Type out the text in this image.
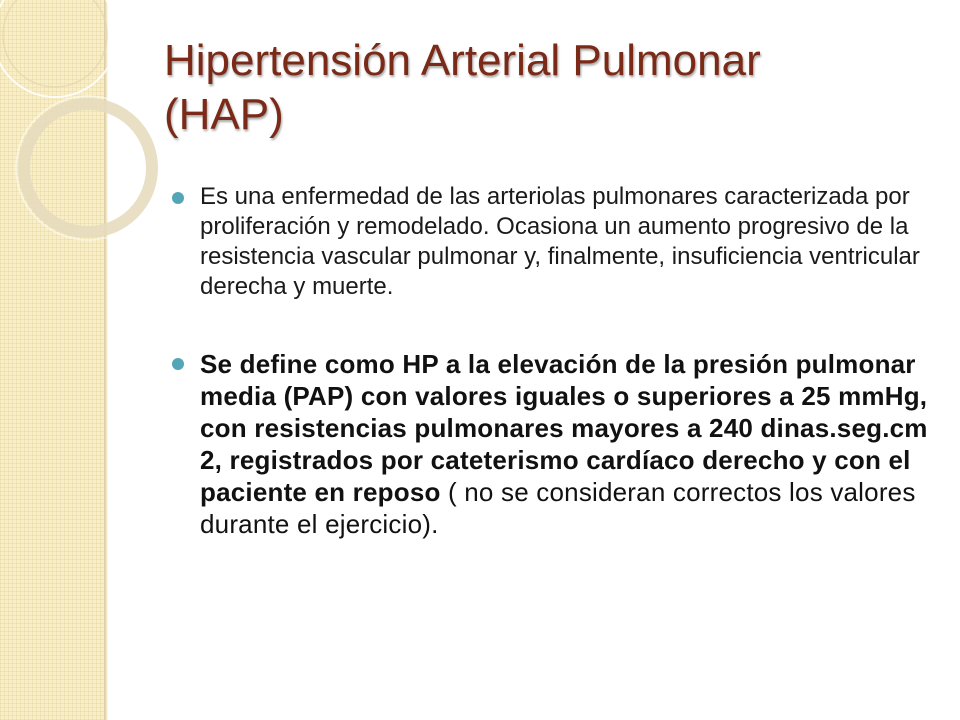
Hipertensión Arterial Pulmonar
(HAP)
Es una enfermedad de las arteriolas pulmonares caracterizada por proliferación y remodelado. Ocasiona un aumento progresivo de la resistencia vascular pulmonar y, finalmente, insuficiencia ventricular derecha y muerte.
Se define como HP a la elevación de la presión pulmonar media (PAP) con valores iguales o superiores a 25 mmHg, con resistencias pulmonares mayores a 240 dinas.seg.cm 2, registrados por cateterismo cardíaco derecho y con el paciente en reposo ( no se consideran correctos los valores durante el ejercicio).
